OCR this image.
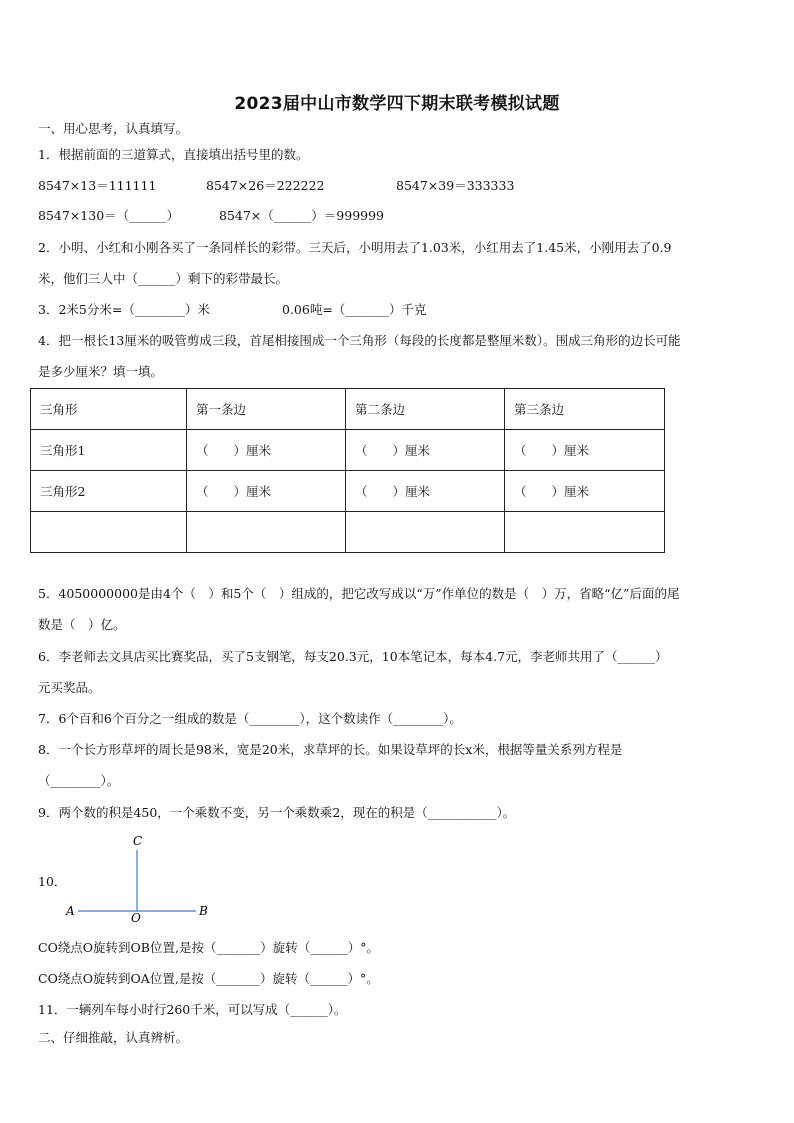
2023届中山市数学四下期末联考模拟试题
一、用心思考，认真填写。
1．根据前面的三道算式，直接填出括号里的数。
8547×13＝111111	8547×26＝222222	8547×39＝333333
8547×130＝（______）	8547×（______）＝999999
2．小明、小红和小刚各买了一条同样长的彩带。三天后，小明用去了1.03米，小红用去了1.45米，小刚用去了0.9
米，他们三人中（______）剩下的彩带最长。
3．2米5分米=（________）米	0.06吨=（_______）千克
4．把一根长13厘米的吸管剪成三段，首尾相接围成一个三角形（每段的长度都是整厘米数）。围成三角形的边长可能
是多少厘米？填一填。
三角形	第一条边	第二条边	第三条边
三角形1	（　　）厘米	（　　）厘米	（　　）厘米
三角形2	（　　）厘米	（　　）厘米	（　　）厘米

5．4050000000是由4个（　）和5个（　）组成的，把它改写成以“万”作单位的数是（　）万，省略“亿”后面的尾
数是（　）亿。
6．李老师去文具店买比赛奖品，买了5支钢笔，每支20.3元，10本笔记本，每本4.7元，李老师共用了（______）
元买奖品。
7．6个百和6个百分之一组成的数是（________），这个数读作（________）。
8．一个长方形草坪的周长是98米，宽是20米，求草坪的长。如果设草坪的长x米，根据等量关系列方程是
（________）。
9．两个数的积是450，一个乘数不变，另一个乘数乘2，现在的积是（___________）。
10．
C
A	O	B
CO绕点O旋转到OB位置,是按（_______）旋转（______）°。
CO绕点O旋转到OA位置,是按（_______）旋转（______）°。
11．一辆列车每小时行260千米，可以写成（______）。
二、仔细推敲，认真辨析。
